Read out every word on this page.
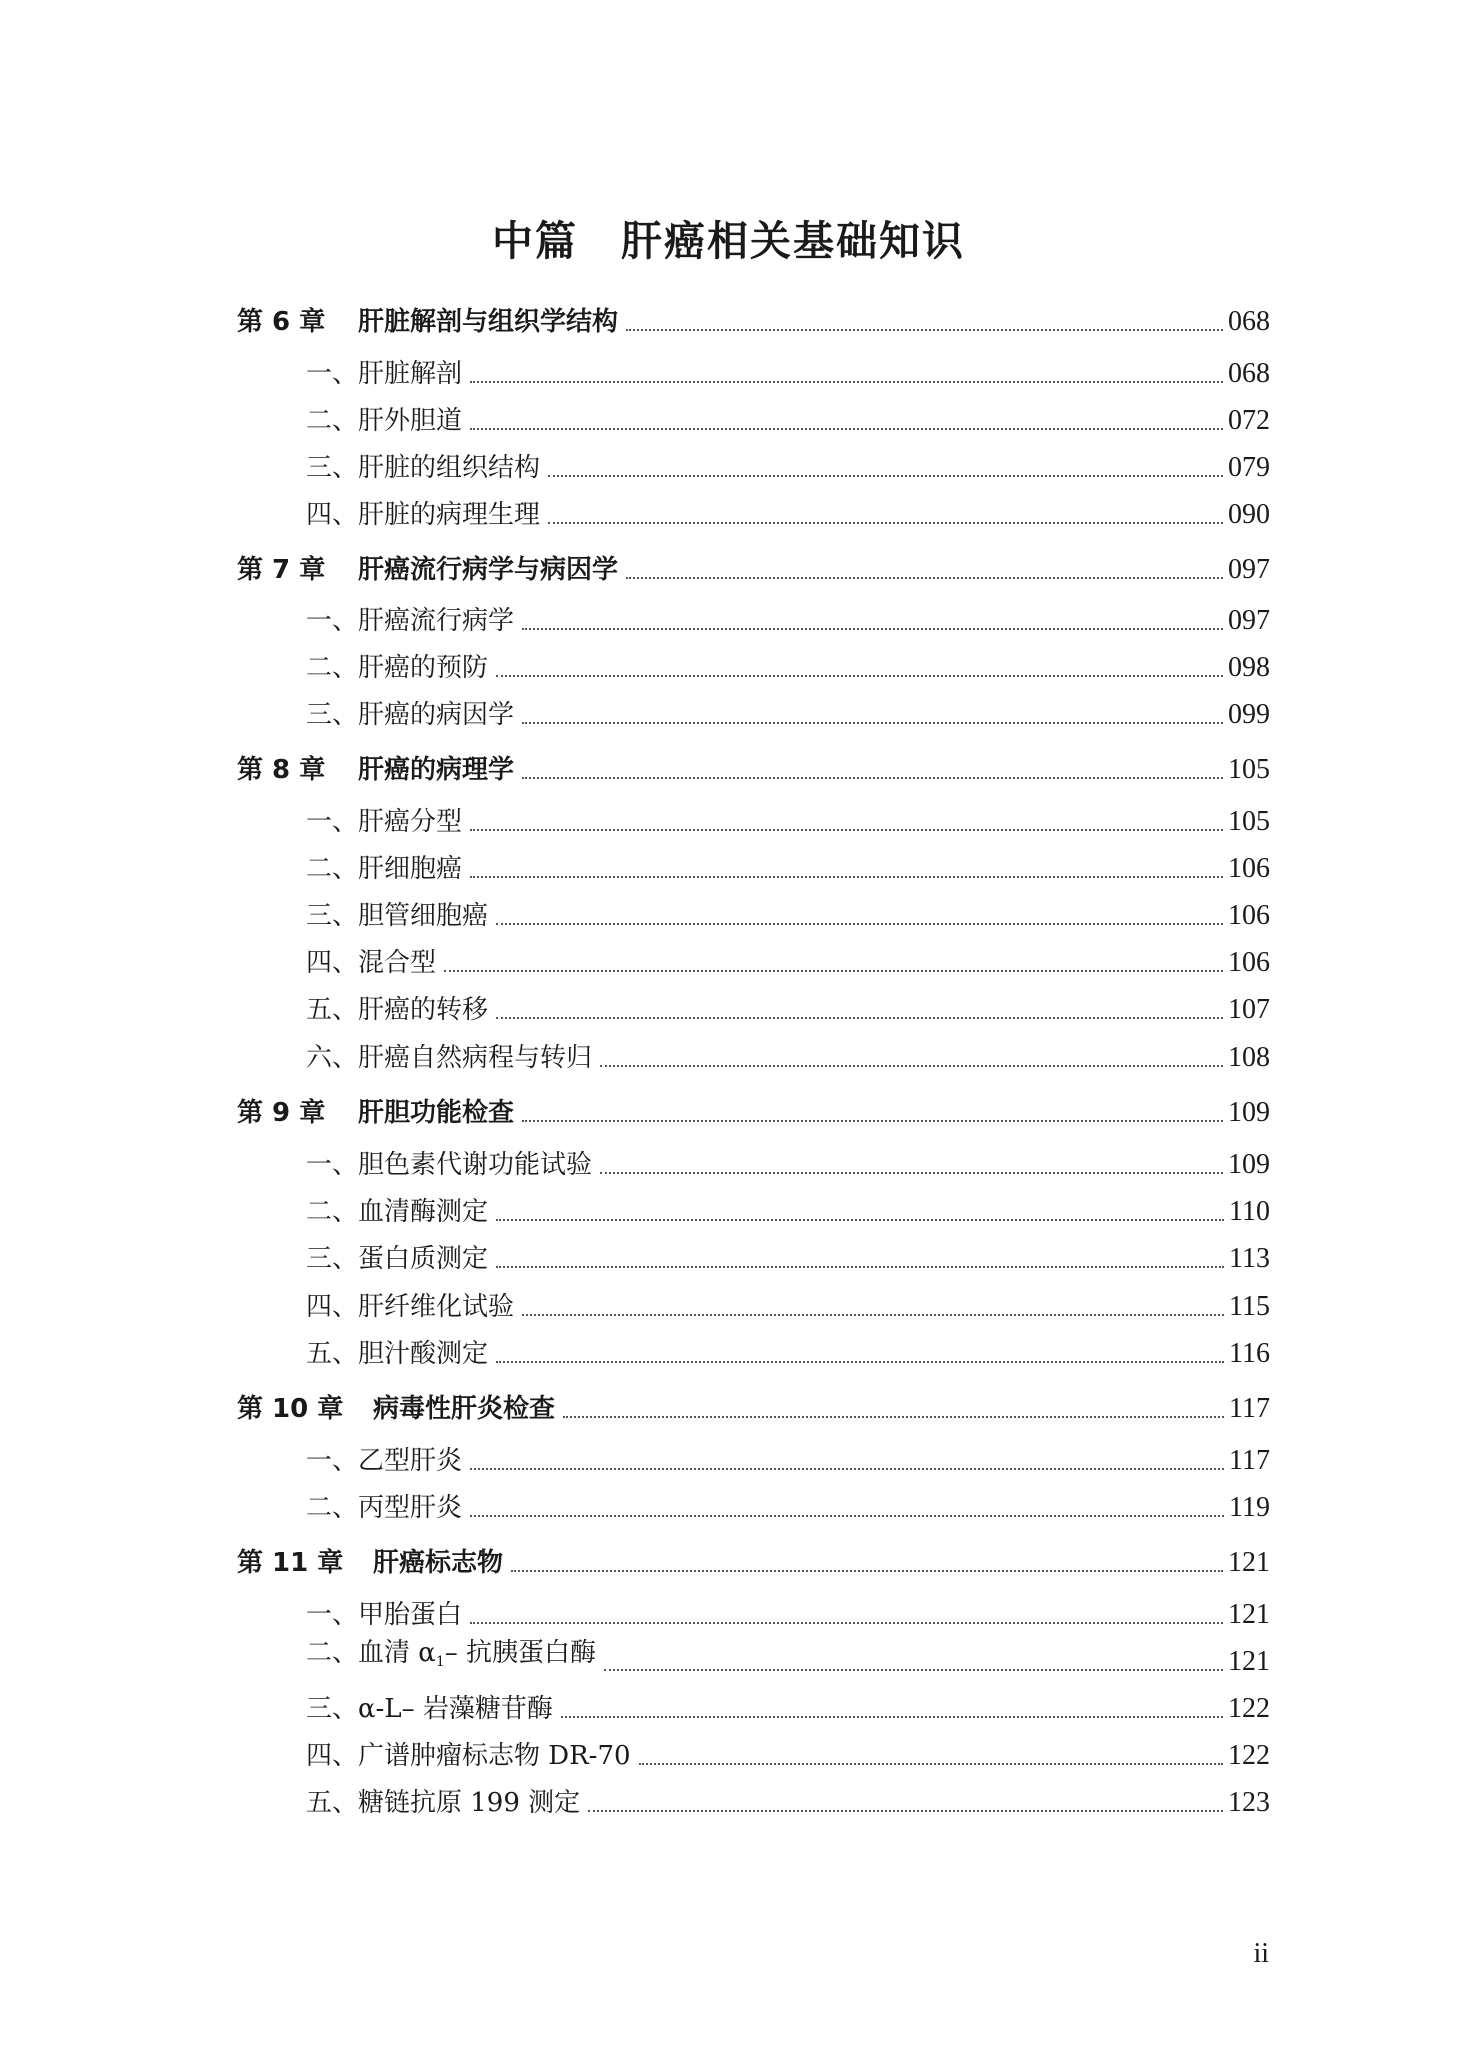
中篇　肝癌相关基础知识
第 6 章 肝脏解剖与组织学结构	068
一、肝脏解剖	068
二、肝外胆道	072
三、肝脏的组织结构	079
四、肝脏的病理生理	090
第 7 章 肝癌流行病学与病因学	097
一、肝癌流行病学	097
二、肝癌的预防	098
三、肝癌的病因学	099
第 8 章 肝癌的病理学	105
一、肝癌分型	105
二、肝细胞癌	106
三、胆管细胞癌	106
四、混合型	106
五、肝癌的转移	107
六、肝癌自然病程与转归	108
第 9 章 肝胆功能检查	109
一、胆色素代谢功能试验	109
二、血清酶测定	110
三、蛋白质测定	113
四、肝纤维化试验	115
五、胆汁酸测定	116
第 10 章 病毒性肝炎检查	117
一、乙型肝炎	117
二、丙型肝炎	119
第 11 章 肝癌标志物	121
一、甲胎蛋白	121
二、血清 $\alpha_1-$ 抗胰蛋白酶	121
三、α-L– 岩藻糖苷酶	122
四、广谱肿瘤标志物 DR-70	122
五、糖链抗原 199 测定	123
ii
